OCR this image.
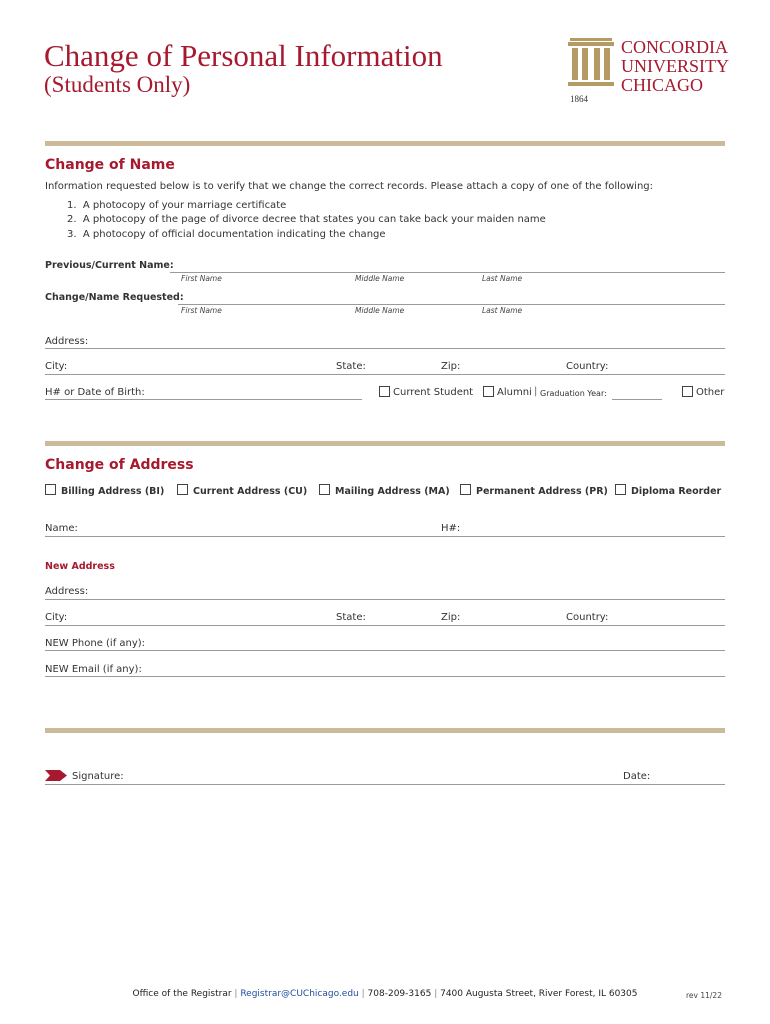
Change of Personal Information
(Students Only)
CONCORDIA
UNIVERSITY
CHICAGO
1864
Change of Name
Information requested below is to verify that we change the correct records. Please attach a copy of one of the following:
1.  A photocopy of your marriage certificate
2.  A photocopy of the page of divorce decree that states you can take back your maiden name
3.  A photocopy of official documentation indicating the change
Previous/Current Name:
First Name	Middle Name	Last Name
Change/Name Requested:
First Name	Middle Name	Last Name
Address:
City:	State:	Zip:	Country:
H# or Date of Birth:	Current Student Alumni | Graduation Year:	Other
Change of Address
Billing Address (BI)	Current Address (CU)	Mailing Address (MA)	Permanent Address (PR) Diploma Reorder
Name:	H#:
New Address
Address:
City:	State:	Zip:	Country:
NEW Phone (if any):
NEW Email (if any):
Signature:	Date:
Office of the Registrar | Registrar@CUChicago.edu | 708-209-3165 | 7400 Augusta Street, River Forest, IL 60305	rev 11/22
